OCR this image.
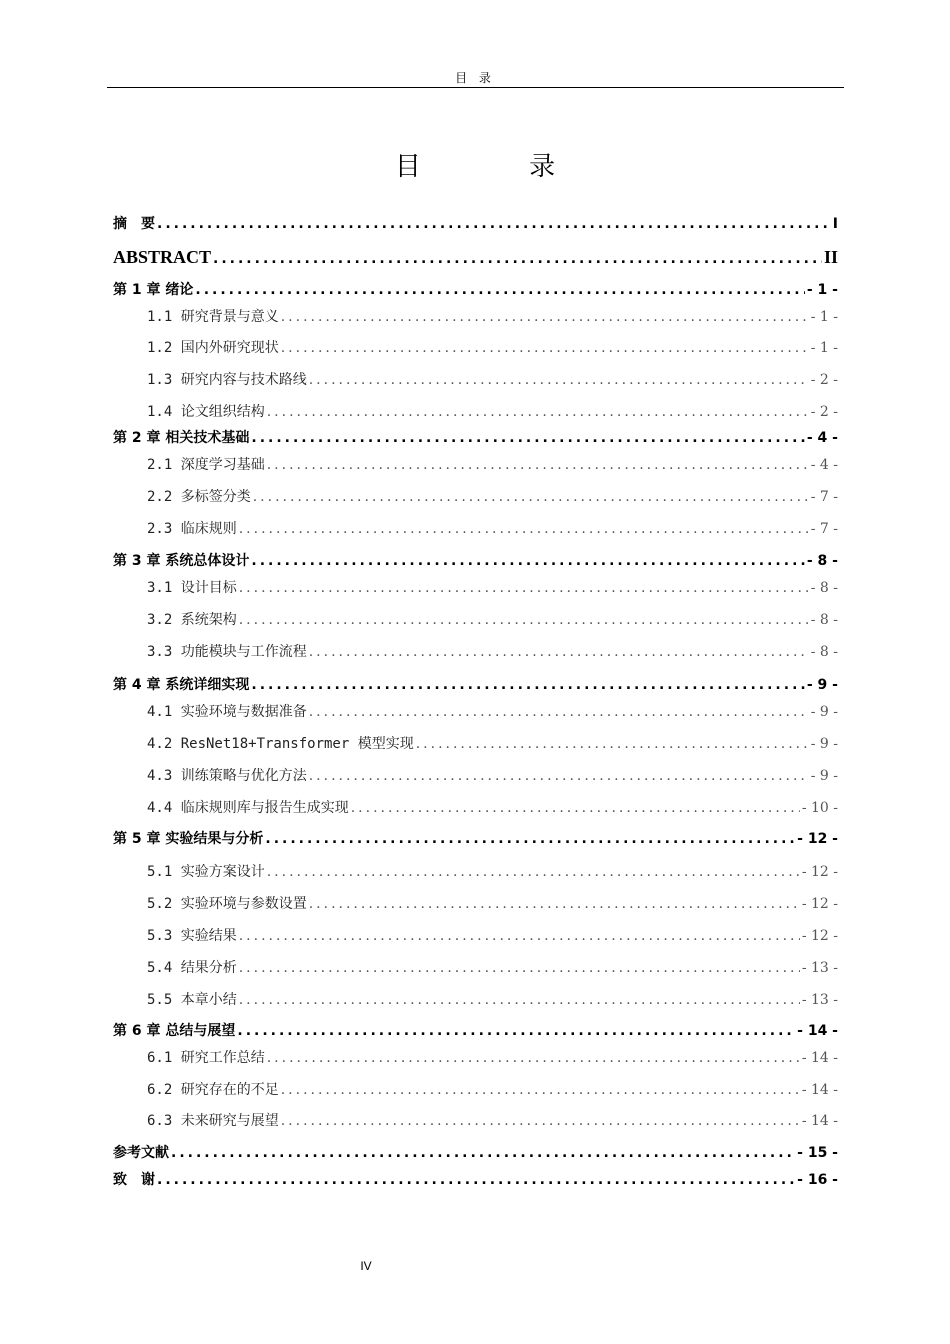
目 录
目 录
摘　要 .....	I
ABSTRACT .....	II
第 1 章 绪论 .....	- 1 -
1.1 研究背景与意义 .....	- 1 -
1.2 国内外研究现状 .....	- 1 -
1.3 研究内容与技术路线 .....	- 2 -
1.4 论文组织结构 .....	- 2 -
第 2 章 相关技术基础 .....	- 4 -
2.1 深度学习基础 .....	- 4 -
2.2 多标签分类 .....	- 7 -
2.3 临床规则 .....	- 7 -
第 3 章 系统总体设计 .....	- 8 -
3.1 设计目标 .....	- 8 -
3.2 系统架构 .....	- 8 -
3.3 功能模块与工作流程 .....	- 8 -
第 4 章 系统详细实现 .....	- 9 -
4.1 实验环境与数据准备 .....	- 9 -
4.2 ResNet18+Transformer 模型实现 .....	- 9 -
4.3 训练策略与优化方法 .....	- 9 -
4.4 临床规则库与报告生成实现 .....	- 10 -
第 5 章 实验结果与分析 .....	- 12 -
5.1 实验方案设计 .....	- 12 -
5.2 实验环境与参数设置 .....	- 12 -
5.3 实验结果 .....	- 12 -
5.4 结果分析 .....	- 13 -
5.5 本章小结 .....	- 13 -
第 6 章 总结与展望 .....	- 14 -
6.1 研究工作总结 .....	- 14 -
6.2 研究存在的不足 .....	- 14 -
6.3 未来研究与展望 .....	- 14 -
参考文献 .....	- 15 -
致　谢 .....	- 16 -
IV
